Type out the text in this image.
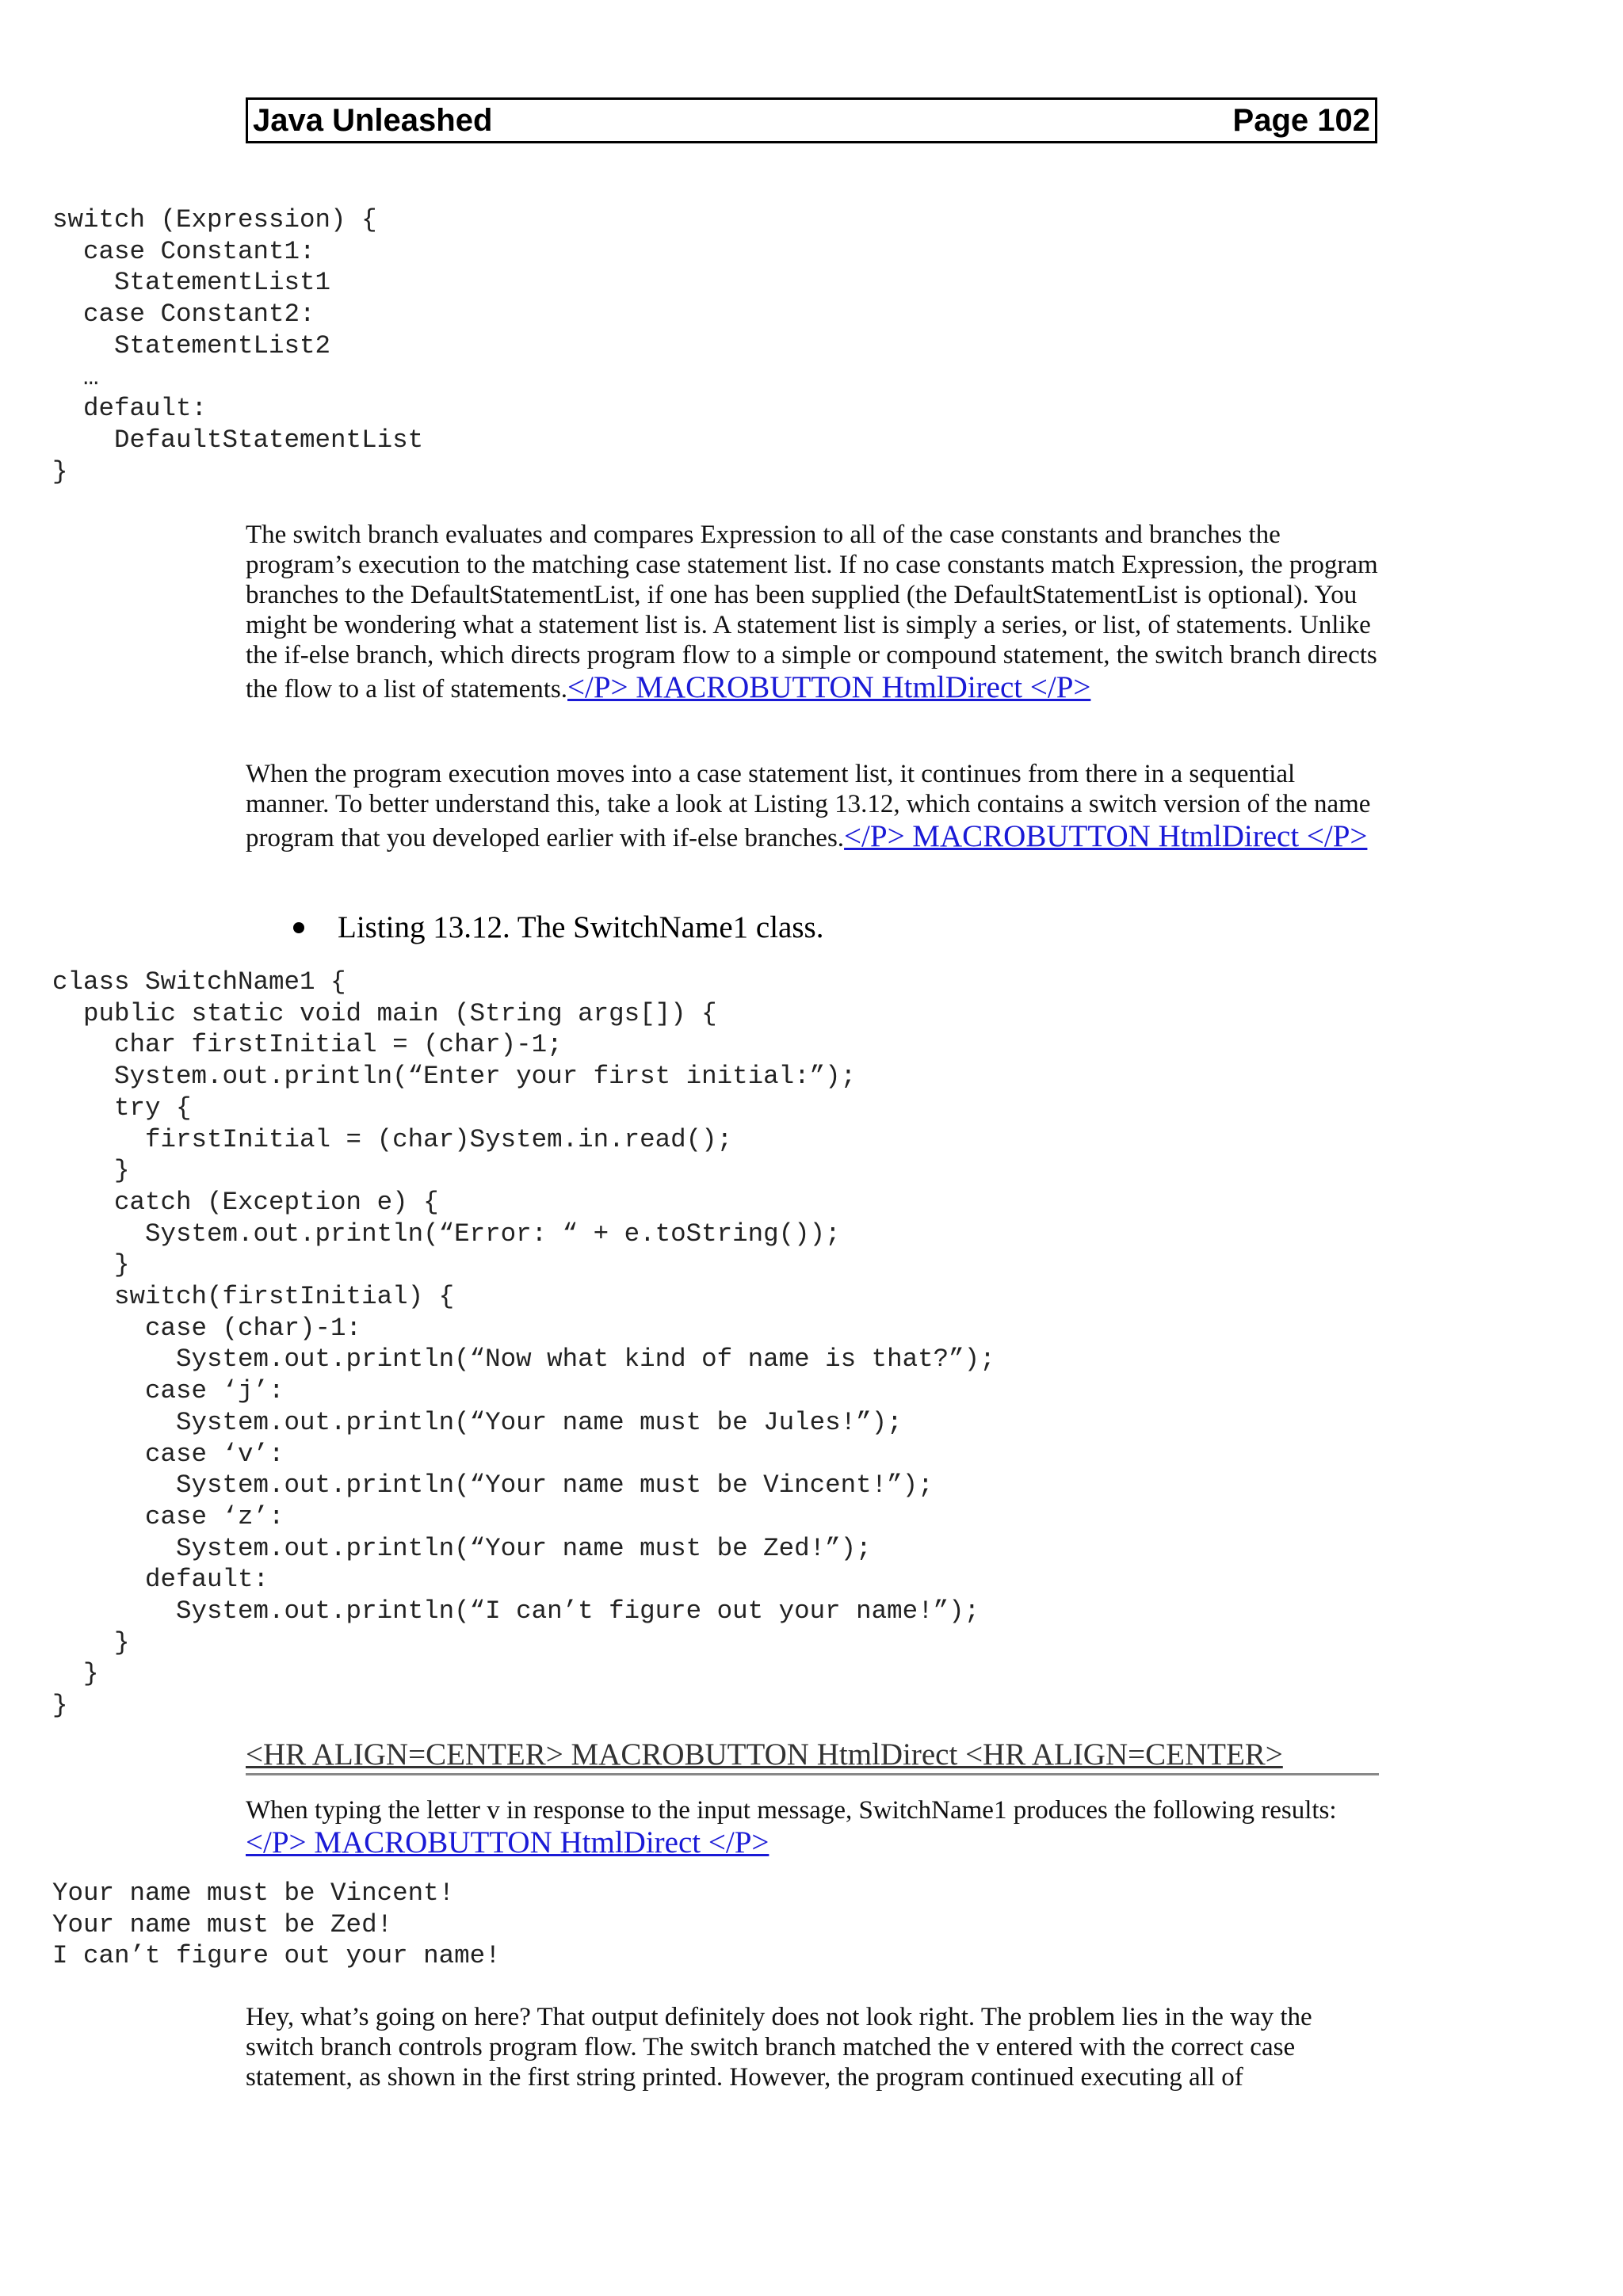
Java Unleashed	Page 102
switch (Expression) {
case Constant1:
StatementList1
case Constant2:
StatementList2
…
default:
DefaultStatementList
}

The switch branch evaluates and compares Expression to all of the case constants and branches the program’s execution to the matching case statement list. If no case constants match Expression, the program branches to the DefaultStatementList, if one has been supplied (the DefaultStatementList is optional). You might be wondering what a statement list is. A statement list is simply a series, or list, of statements. Unlike the if-else branch, which directs program flow to a simple or compound statement, the switch branch directs the flow to a list of statements.</P> MACROBUTTON HtmlDirect </P>

When the program execution moves into a case statement list, it continues from there in a sequential manner. To better understand this, take a look at Listing 13.12, which contains a switch version of the name program that you developed earlier with if-else branches.</P> MACROBUTTON HtmlDirect </P>

Listing 13.12. The SwitchName1 class.
class SwitchName1 {
public static void main (String args[]) {
char firstInitial = (char)-1;
System.out.println(“Enter your first initial:”);
try {
firstInitial = (char)System.in.read();
}
catch (Exception e) {
System.out.println(“Error: “ + e.toString());
}
switch(firstInitial) {
case (char)-1:
System.out.println(“Now what kind of name is that?”);
case ‘j’:
System.out.println(“Your name must be Jules!”);
case ‘v’:
System.out.println(“Your name must be Vincent!”);
case ‘z’:
System.out.println(“Your name must be Zed!”);
default:
System.out.println(“I can’t figure out your name!”);
}
}
}
<HR ALIGN=CENTER> MACROBUTTON HtmlDirect <HR ALIGN=CENTER>

When typing the letter v in response to the input message, SwitchName1 produces the following results:</P> MACROBUTTON HtmlDirect </P>

Your name must be Vincent!
Your name must be Zed!
I can’t figure out your name!

Hey, what’s going on here? That output definitely does not look right. The problem lies in the way the switch branch controls program flow. The switch branch matched the v entered with the correct case statement, as shown in the first string printed. However, the program continued executing all of
